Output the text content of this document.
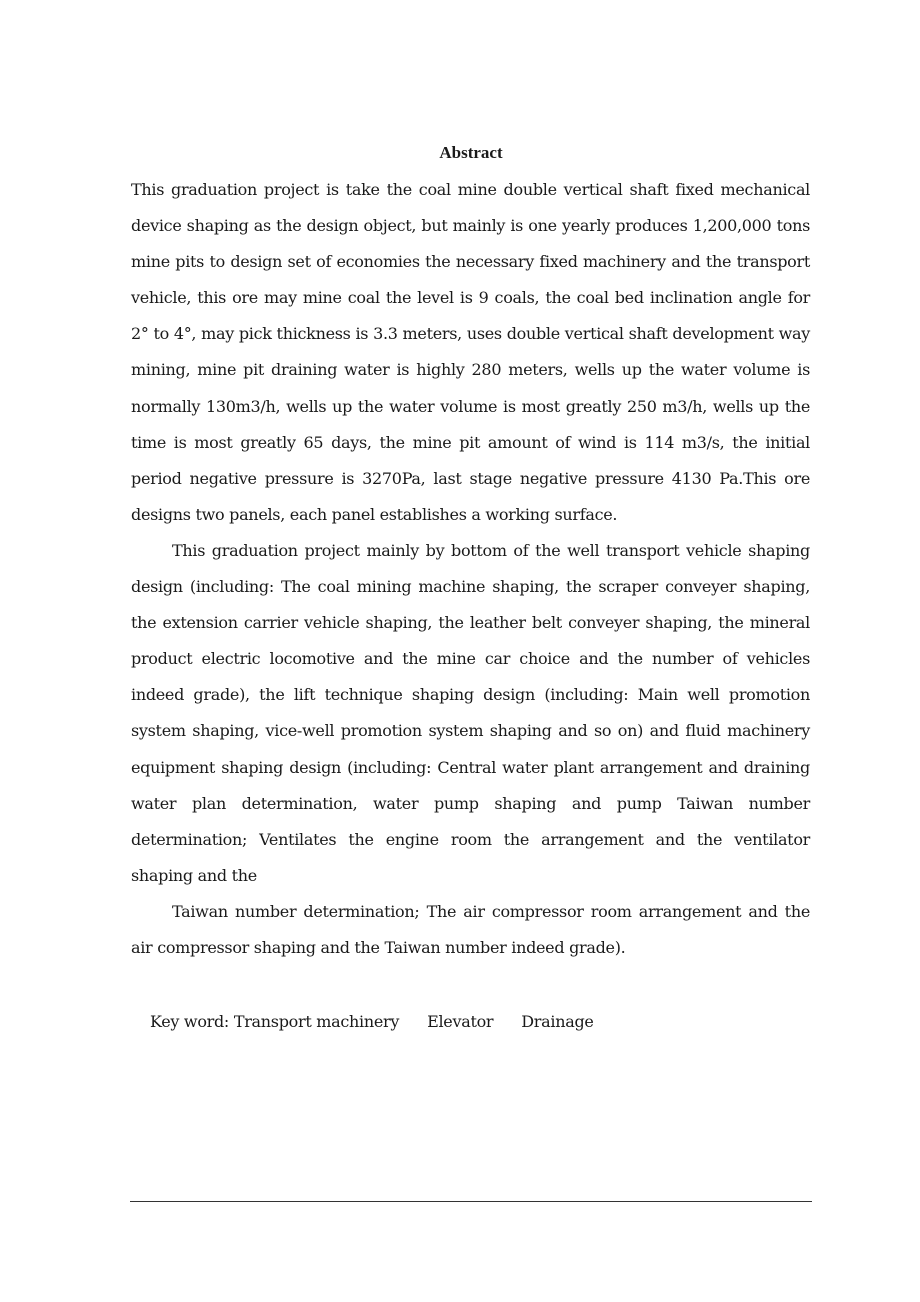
Abstract

This graduation project is take the coal mine double vertical shaft fixed mechanical device shaping as the design object, but mainly is one yearly produces 1,200,000 tons mine pits to design set of economies the necessary fixed machinery and the transport vehicle, this ore may mine coal the level is 9 coals, the coal bed inclination angle for 2° to 4°, may pick thickness is 3.3 meters, uses double vertical shaft development way mining, mine pit draining water is highly 280 meters, wells up the water volume is normally 130m3/h, wells up the water volume is most greatly 250 m3/h, wells up the time is most greatly 65 days, the mine pit amount of wind is 114 m3/s, the initial period negative pressure is 3270Pa, last stage negative pressure 4130 Pa.This ore designs two panels, each panel establishes a working surface.

This graduation project mainly by bottom of the well transport vehicle shaping design (including: The coal mining machine shaping, the scraper conveyer shaping, the extension carrier vehicle shaping, the leather belt conveyer shaping, the mineral product electric locomotive and the mine car choice and the number of vehicles indeed grade), the lift technique shaping design (including: Main well promotion system shaping, vice-well promotion system shaping and so on) and fluid machinery equipment shaping design (including: Central water plant arrangement and draining water plan determination, water pump shaping and pump Taiwan number determination; Ventilates the engine room the arrangement and the ventilator shaping and the

Taiwan number determination; The air compressor room arrangement and the air compressor shaping and the Taiwan number indeed grade).

Key word: Transport machinery Elevator Drainage
